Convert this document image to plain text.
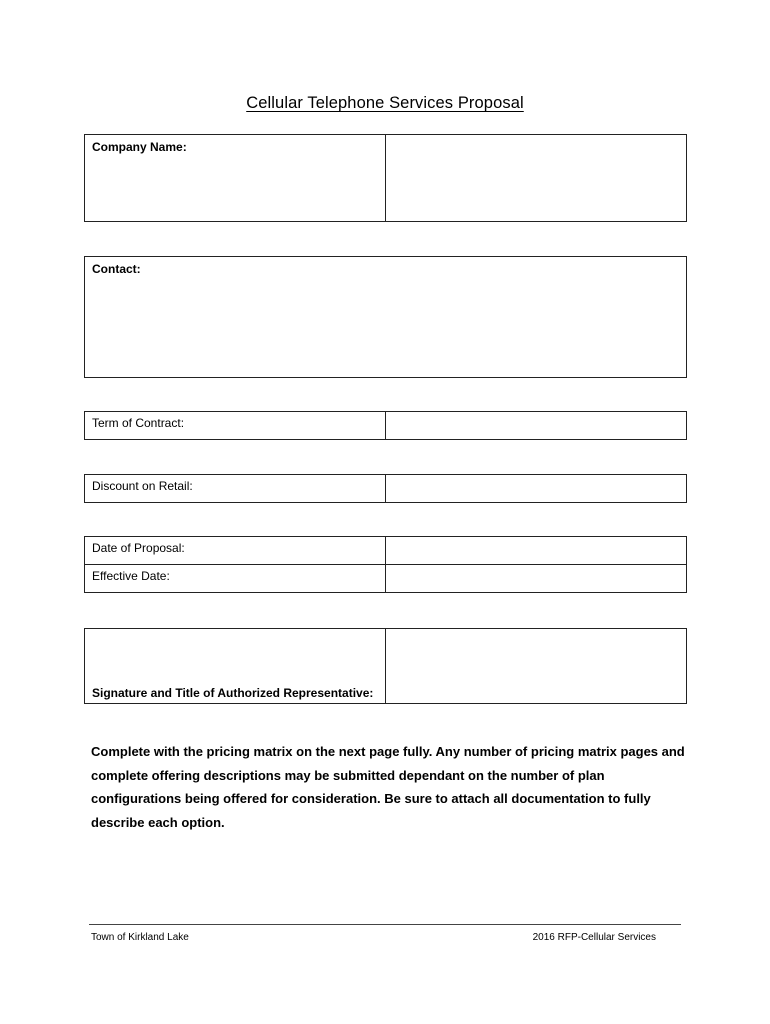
Cellular Telephone Services Proposal
Company Name:
Contact:
Term of Contract:
Discount on Retail:
Date of Proposal:
Effective Date:
Signature and Title of Authorized Representative:
Complete with the pricing matrix on the next page fully. Any number of pricing matrix pages and complete offering descriptions may be submitted dependant on the number of plan configurations being offered for consideration. Be sure to attach all documentation to fully describe each option.
Town of Kirkland Lake	2016 RFP-Cellular Services
